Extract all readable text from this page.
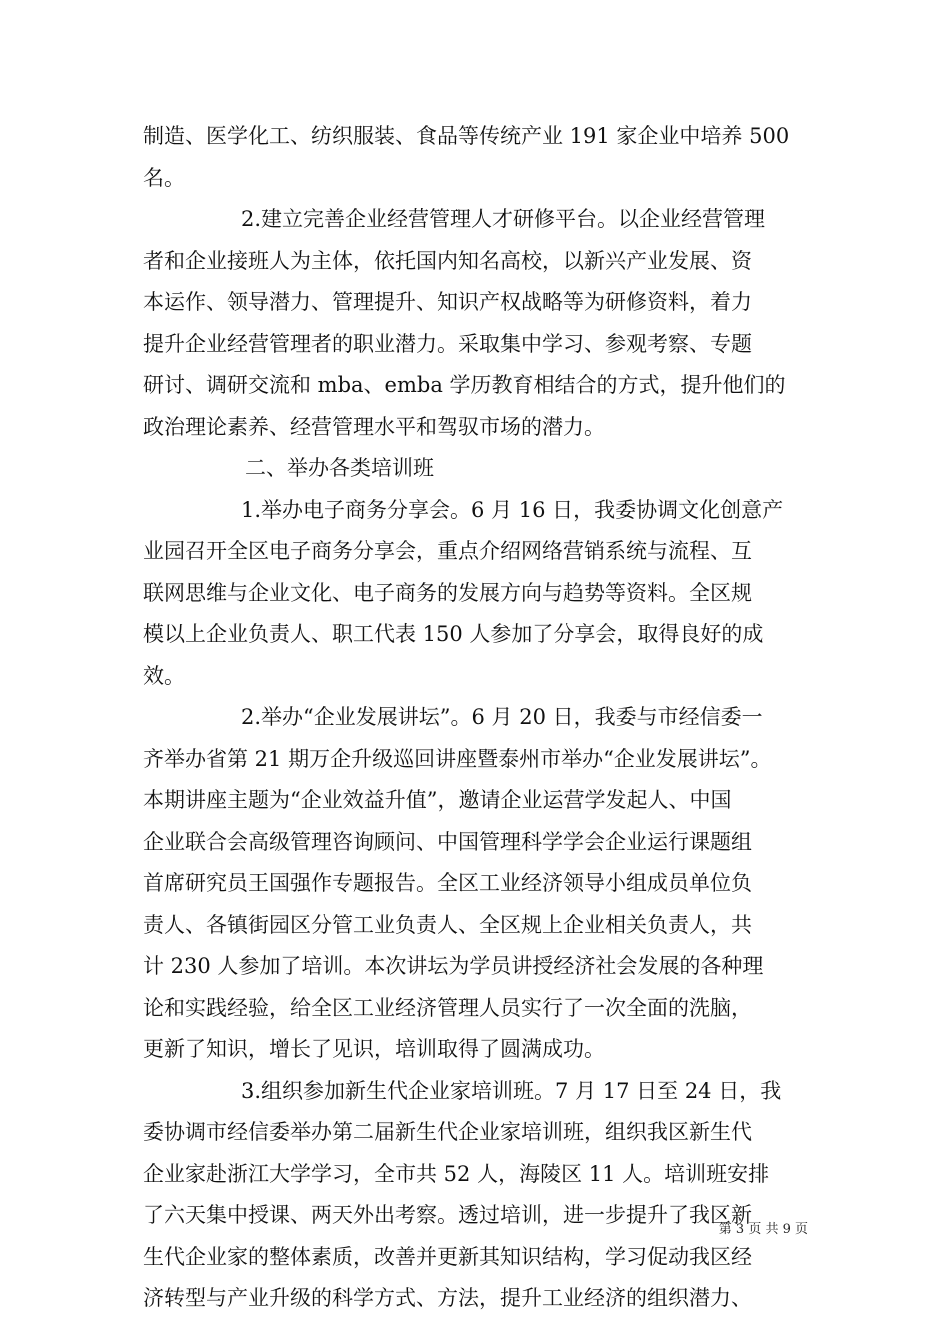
制造、医学化工、纺织服装、食品等传统产业 191 家企业中培养 500
名。
2.建立完善企业经营管理人才研修平台。以企业经营管理
者和企业接班人为主体，依托国内知名高校，以新兴产业发展、资
本运作、领导潜力、管理提升、知识产权战略等为研修资料，着力
提升企业经营管理者的职业潜力。采取集中学习、参观考察、专题
研讨、调研交流和 mba、emba 学历教育相结合的方式，提升他们的
政治理论素养、经营管理水平和驾驭市场的潜力。
二、举办各类培训班
1.举办电子商务分享会。6 月 16 日，我委协调文化创意产
业园召开全区电子商务分享会，重点介绍网络营销系统与流程、互
联网思维与企业文化、电子商务的发展方向与趋势等资料。全区规
模以上企业负责人、职工代表 150 人参加了分享会，取得良好的成
效。
2.举办“企业发展讲坛”。6 月 20 日，我委与市经信委一
齐举办省第 21 期万企升级巡回讲座暨泰州市举办“企业发展讲坛”。
本期讲座主题为“企业效益升值”，邀请企业运营学发起人、中国
企业联合会高级管理咨询顾问、中国管理科学学会企业运行课题组
首席研究员王国强作专题报告。全区工业经济领导小组成员单位负
责人、各镇街园区分管工业负责人、全区规上企业相关负责人，共
计 230 人参加了培训。本次讲坛为学员讲授经济社会发展的各种理
论和实践经验，给全区工业经济管理人员实行了一次全面的洗脑，
更新了知识，增长了见识，培训取得了圆满成功。
3.组织参加新生代企业家培训班。7 月 17 日至 24 日，我
委协调市经信委举办第二届新生代企业家培训班，组织我区新生代
企业家赴浙江大学学习，全市共 52 人，海陵区 11 人。培训班安排
了六天集中授课、两天外出考察。透过培训，进一步提升了我区新
生代企业家的整体素质，改善并更新其知识结构，学习促动我区经
济转型与产业升级的科学方式、方法，提升工业经济的组织潜力、
第 3 页 共 9 页
